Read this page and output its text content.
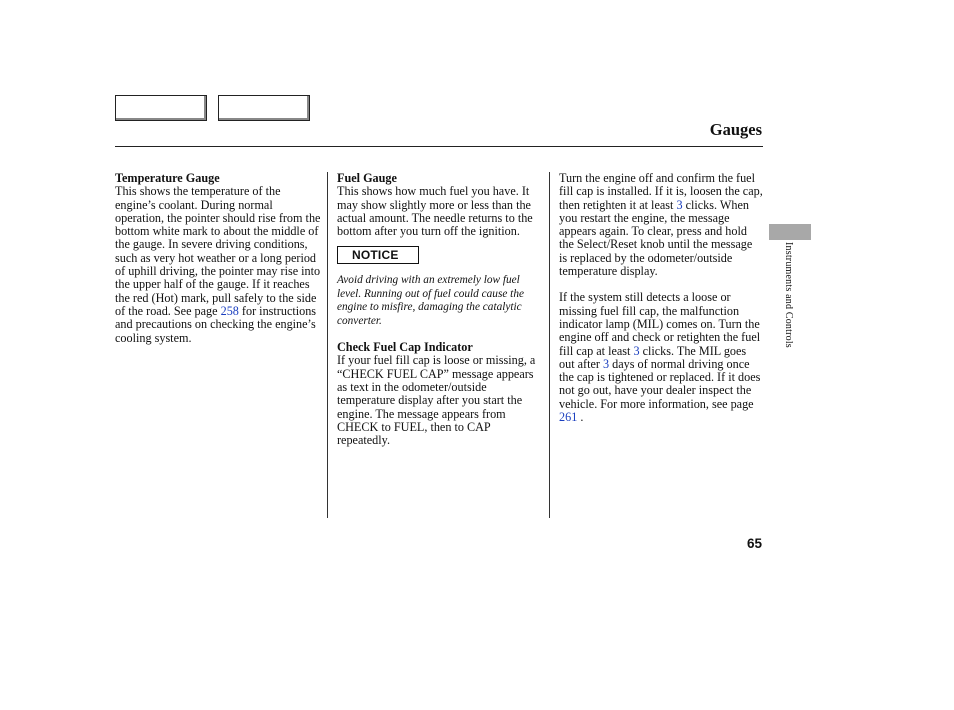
Gauges

Temperature Gauge

This shows the temperature of the engine’s coolant. During normal operation, the pointer should rise from the bottom white mark to about the middle of the gauge. In severe driving conditions, such as very hot weather or a long period of uphill driving, the pointer may rise into the upper half of the gauge. If it reaches the red (Hot) mark, pull safely to the side of the road. See page 258 for instructions and precautions on checking the engine’s cooling system.

Fuel Gauge

This shows how much fuel you have. It may show slightly more or less than the actual amount. The needle returns to the bottom after you turn off the ignition.

NOTICE

Avoid driving with an extremely low fuel level. Running out of fuel could cause the engine to misfire, damaging the catalytic converter.

Check Fuel Cap Indicator

If your fuel fill cap is loose or missing, a “CHECK FUEL CAP” message appears as text in the odometer/outside temperature display after you start the engine. The message appears from CHECK to FUEL, then to CAP repeatedly.

Turn the engine off and confirm the fuel fill cap is installed. If it is, loosen the cap, then retighten it at least 3 clicks. When you restart the engine, the message appears again. To clear, press and hold the Select/Reset knob until the message is replaced by the odometer/outside temperature display.

If the system still detects a loose or missing fuel fill cap, the malfunction indicator lamp (MIL) comes on. Turn the engine off and check or retighten the fuel fill cap at least 3 clicks. The MIL goes out after 3 days of normal driving once the cap is tightened or replaced. If it does not go out, have your dealer inspect the vehicle. For more information, see page 261 .

Instruments and Controls
65
